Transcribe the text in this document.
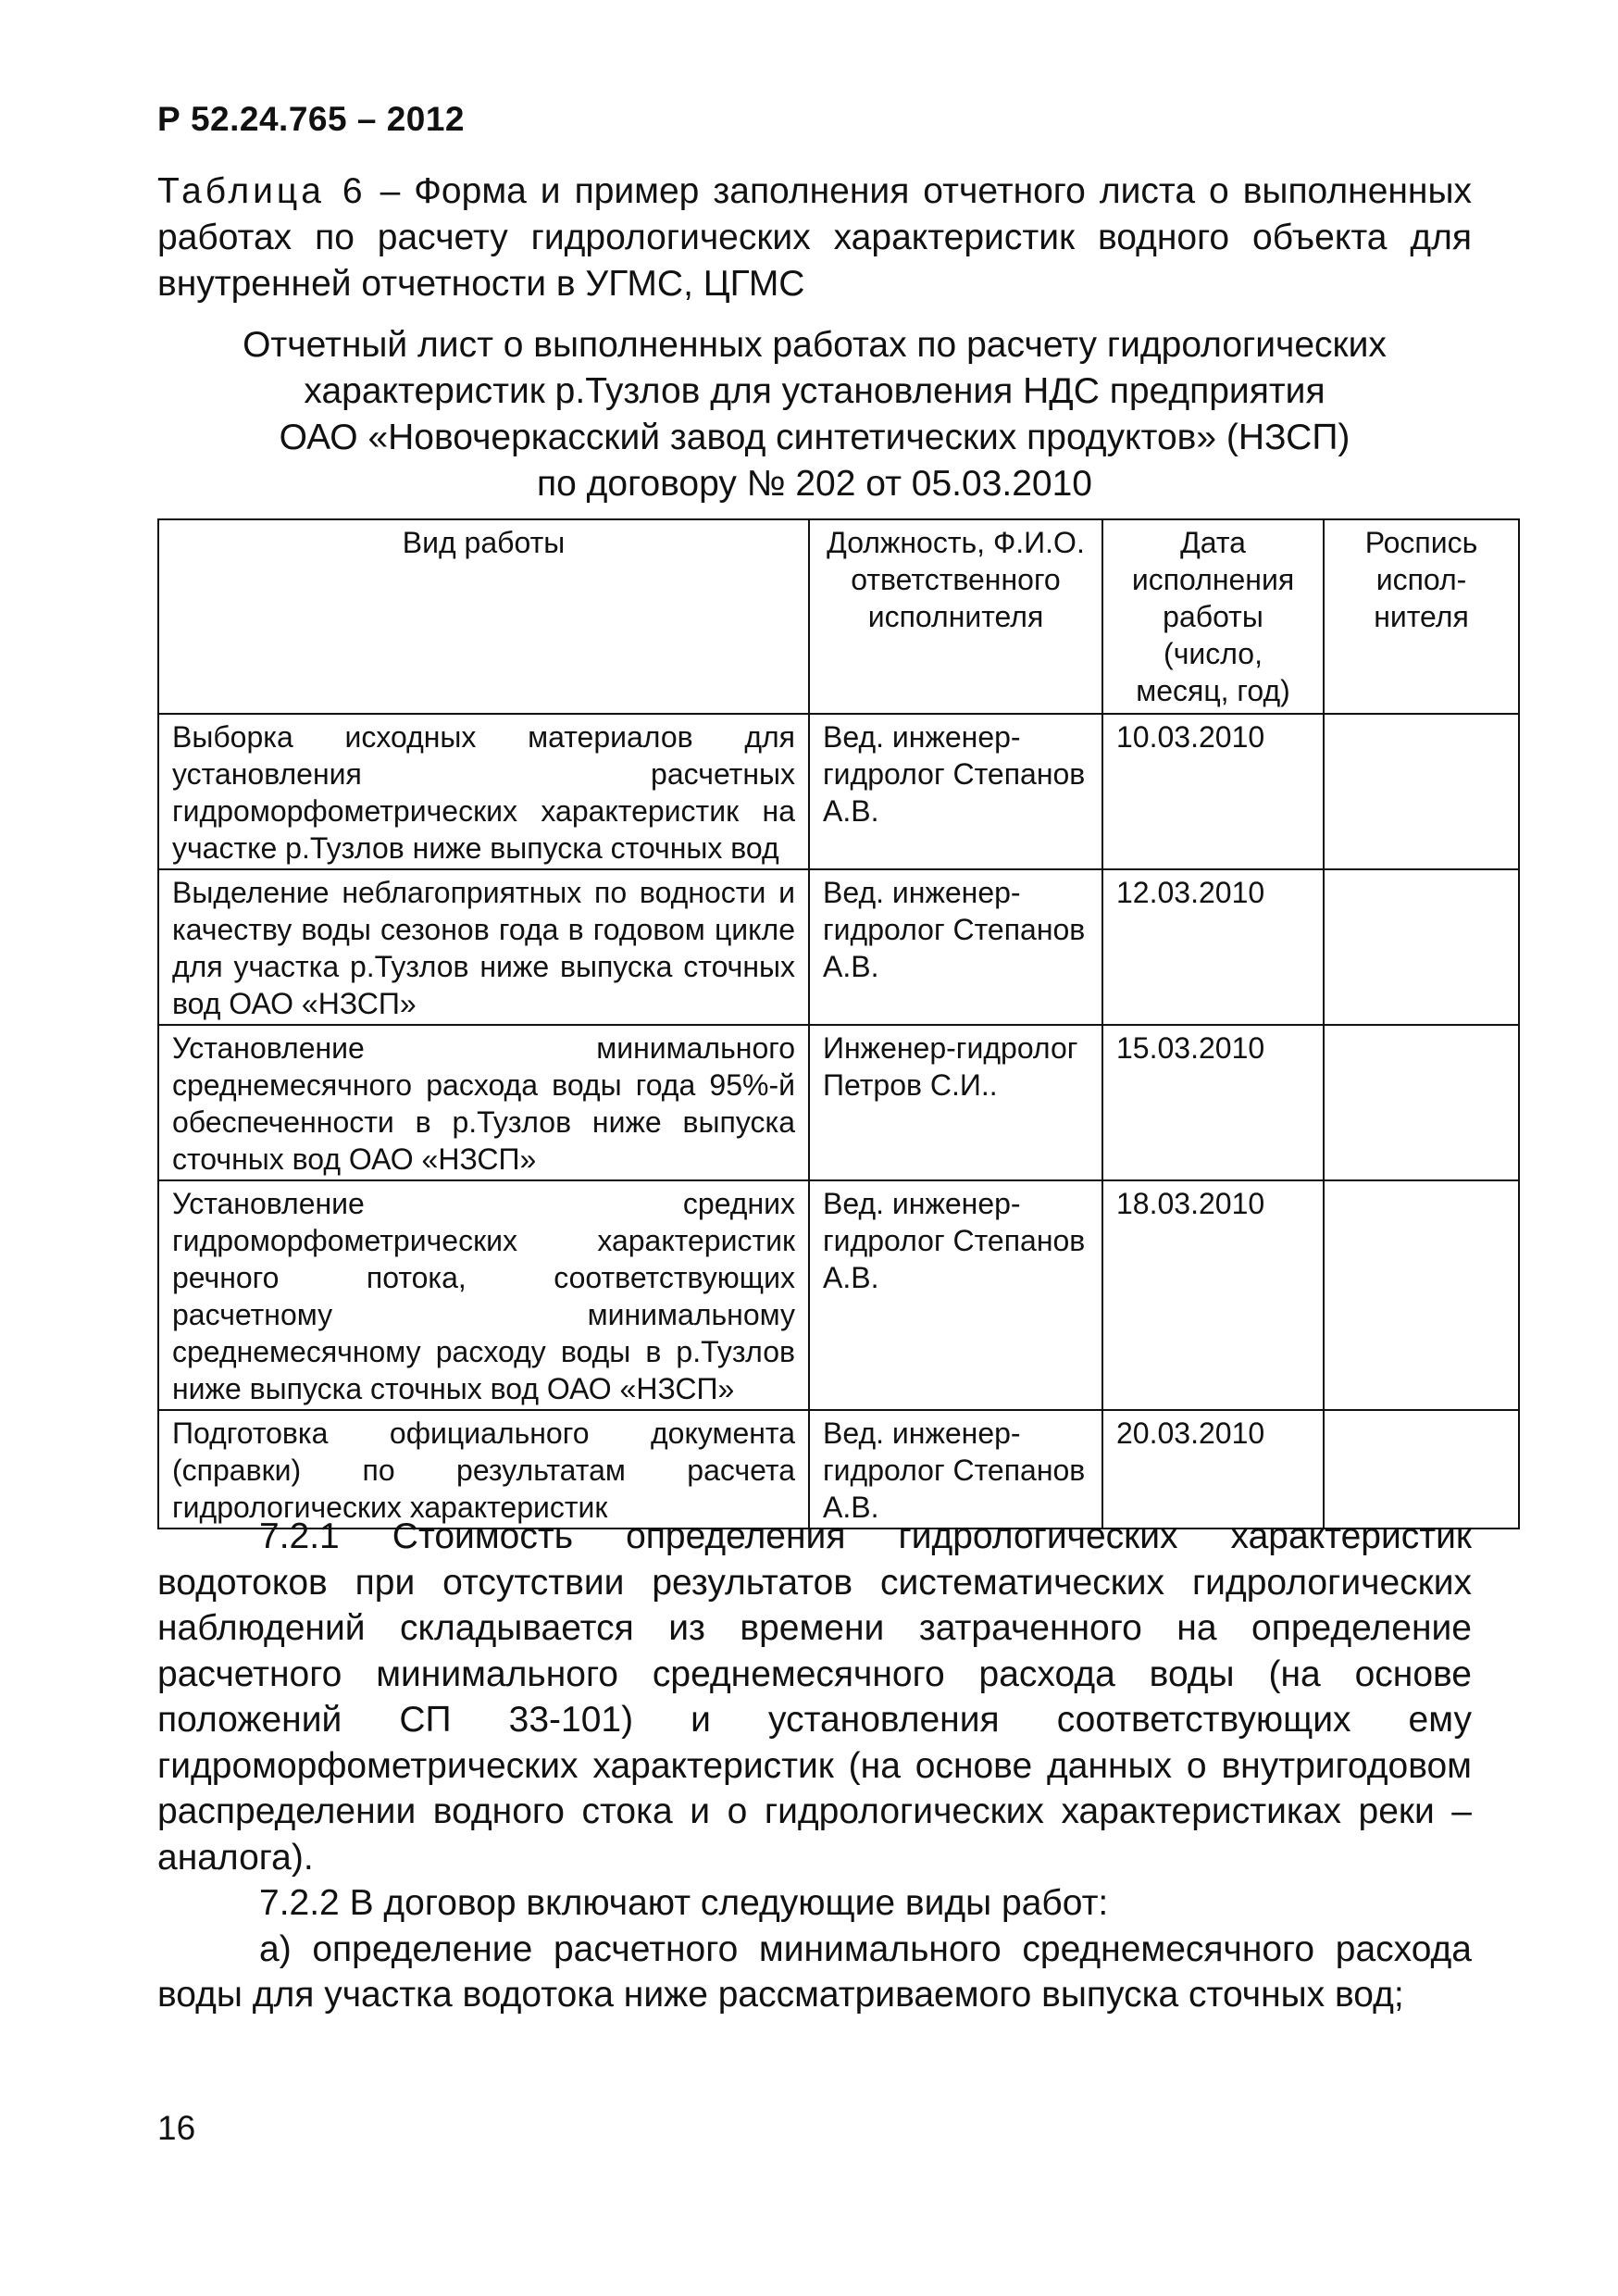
Р 52.24.765 – 2012
Таблица 6 – Форма и пример заполнения отчетного листа о выполненных работах по расчету гидрологических характеристик водного объекта для внутренней отчетности в УГМС, ЦГМС
Отчетный лист о выполненных работах по расчету гидрологических
характеристик р.Тузлов для установления НДС предприятия
ОАО «Новочеркасский завод синтетических продуктов» (НЗСП)
по договору № 202 от 05.03.2010
Вид работы	Должность, Ф.И.О. ответственного исполнителя	Дата исполнения работы (число, месяц, год)	Роспись испол-нителя
Выборка исходных материалов для установления расчетных гидроморфометрических характеристик на участке р.Тузлов ниже выпуска сточных вод	Вед. инженер-гидролог Степанов А.В.	10.03.2010	
Выделение неблагоприятных по водности и качеству воды сезонов года в годовом цикле для участка р.Тузлов ниже выпуска сточных вод ОАО «НЗСП»	Вед. инженер-гидролог Степанов А.В.	12.03.2010	
Установление минимального среднемесячного расхода воды года 95%-й обеспеченности в р.Тузлов ниже выпуска сточных вод ОАО «НЗСП»	Инженер-гидролог Петров С.И..	15.03.2010	
Установление средних гидроморфометрических характеристик речного потока, соответствующих расчетному минимальному среднемесячному расходу воды в р.Тузлов ниже выпуска сточных вод ОАО «НЗСП»	Вед. инженер-гидролог Степанов А.В.	18.03.2010	
Подготовка официального документа (справки) по результатам расчета гидрологических характеристик	Вед. инженер-гидролог Степанов А.В.	20.03.2010	

7.2.1 Стоимость определения гидрологических характеристик водотоков при отсутствии результатов систематических гидрологических наблюдений складывается из времени затраченного на определение расчетного минимального среднемесячного расхода воды (на основе положений СП 33-101) и установления соответствующих ему гидроморфометрических характеристик (на основе данных о внутригодовом распределении водного стока и о гидрологических характеристиках реки – аналога).

7.2.2 В договор включают следующие виды работ:

а) определение расчетного минимального среднемесячного расхода воды для участка водотока ниже рассматриваемого выпуска сточных вод;

16
